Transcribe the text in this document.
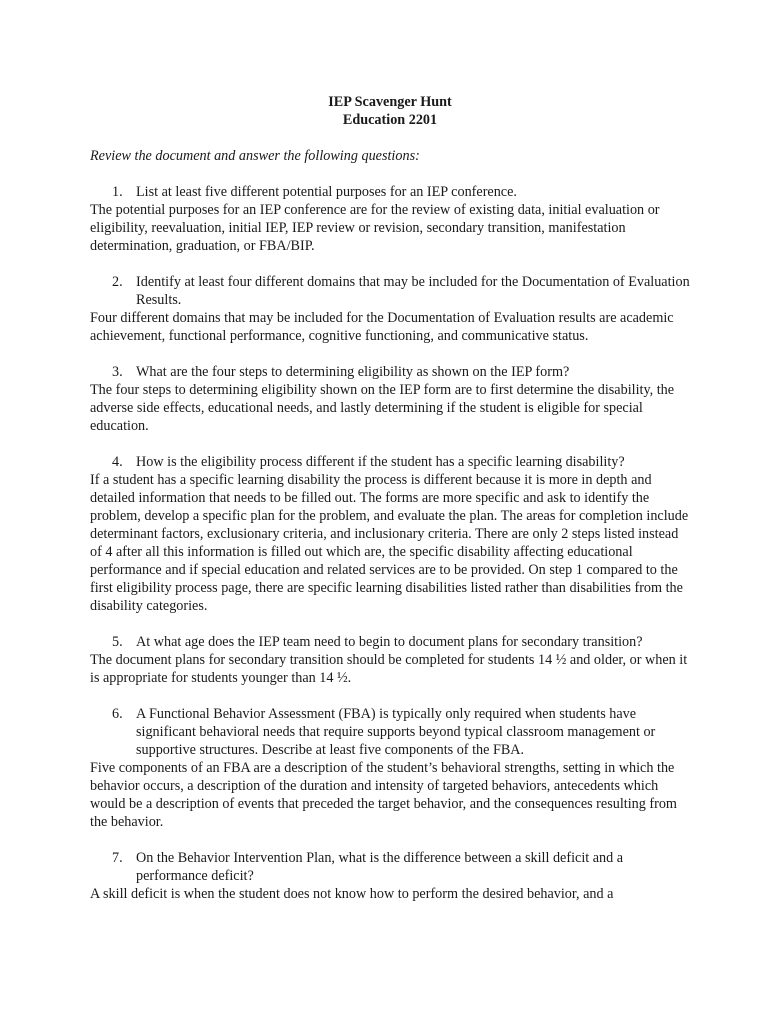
IEP Scavenger Hunt

Education 2201

Review the document and answer the following questions:

1. List at least five different potential purposes for an IEP conference.

The potential purposes for an IEP conference are for the review of existing data, initial evaluation or eligibility, reevaluation, initial IEP, IEP review or revision, secondary transition, manifestation determination, graduation, or FBA/BIP.

2. Identify at least four different domains that may be included for the Documentation of Evaluation Results.

Four different domains that may be included for the Documentation of Evaluation results are academic achievement, functional performance, cognitive functioning, and communicative status.

3. What are the four steps to determining eligibility as shown on the IEP form?

The four steps to determining eligibility shown on the IEP form are to first determine the disability, the adverse side effects, educational needs, and lastly determining if the student is eligible for special education.

4. How is the eligibility process different if the student has a specific learning disability?

If a student has a specific learning disability the process is different because it is more in depth and detailed information that needs to be filled out. The forms are more specific and ask to identify the problem, develop a specific plan for the problem, and evaluate the plan. The areas for completion include determinant factors, exclusionary criteria, and inclusionary criteria. There are only 2 steps listed instead of 4 after all this information is filled out which are, the specific disability affecting educational performance and if special education and related services are to be provided. On step 1 compared to the first eligibility process page, there are specific learning disabilities listed rather than disabilities from the disability categories.

5. At what age does the IEP team need to begin to document plans for secondary transition?

The document plans for secondary transition should be completed for students 14 ½ and older, or when it is appropriate for students younger than 14 ½.

6. A Functional Behavior Assessment (FBA) is typically only required when students have significant behavioral needs that require supports beyond typical classroom management or supportive structures. Describe at least five components of the FBA.

Five components of an FBA are a description of the student’s behavioral strengths, setting in which the behavior occurs, a description of the duration and intensity of targeted behaviors, antecedents which would be a description of events that preceded the target behavior, and the consequences resulting from the behavior.

7. On the Behavior Intervention Plan, what is the difference between a skill deficit and a performance deficit?

A skill deficit is when the student does not know how to perform the desired behavior, and a
